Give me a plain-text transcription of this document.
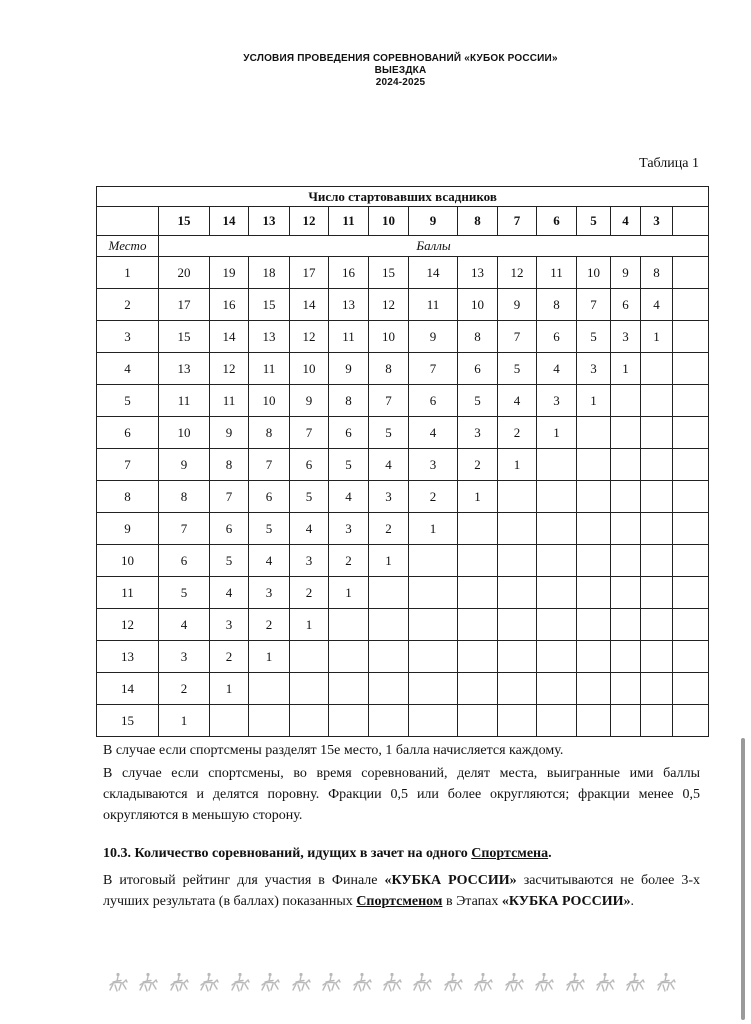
УСЛОВИЯ ПРОВЕДЕНИЯ СОРЕВНОВАНИЙ «КУБОК РОССИИ»
ВЫЕЗДКА
2024-2025
Таблица 1
Число стартовавших всадников														
	15	14	13	12	11	10	9	8	7	6	5	4	3	
Место	Баллы													
1	20	19	18	17	16	15	14	13	12	11	10	9	8	
2	17	16	15	14	13	12	11	10	9	8	7	6	4	
3	15	14	13	12	11	10	9	8	7	6	5	3	1	
4	13	12	11	10	9	8	7	6	5	4	3	1		
5	11	11	10	9	8	7	6	5	4	3	1			
6	10	9	8	7	6	5	4	3	2	1				
7	9	8	7	6	5	4	3	2	1					
8	8	7	6	5	4	3	2	1						
9	7	6	5	4	3	2	1							
10	6	5	4	3	2	1								
11	5	4	3	2	1									
12	4	3	2	1										
13	3	2	1											
14	2	1												
15	1													

В случае если спортсмены разделят 15е место, 1 балла начисляется каждому.

В случае если спортсмены, во время соревнований, делят места, выигранные ими баллы складываются и делятся поровну. Фракции 0,5 или более округляются; фракции менее 0,5 округляются в меньшую сторону.

10.3. Количество соревнований, идущих в зачет на одного Спортсмена.

В итоговый рейтинг для участия в Финале «КУБКА РОССИИ» засчитываются не более 3-х лучших результата (в баллах) показанных Спортсменом в Этапах «КУБКА РОССИИ».
